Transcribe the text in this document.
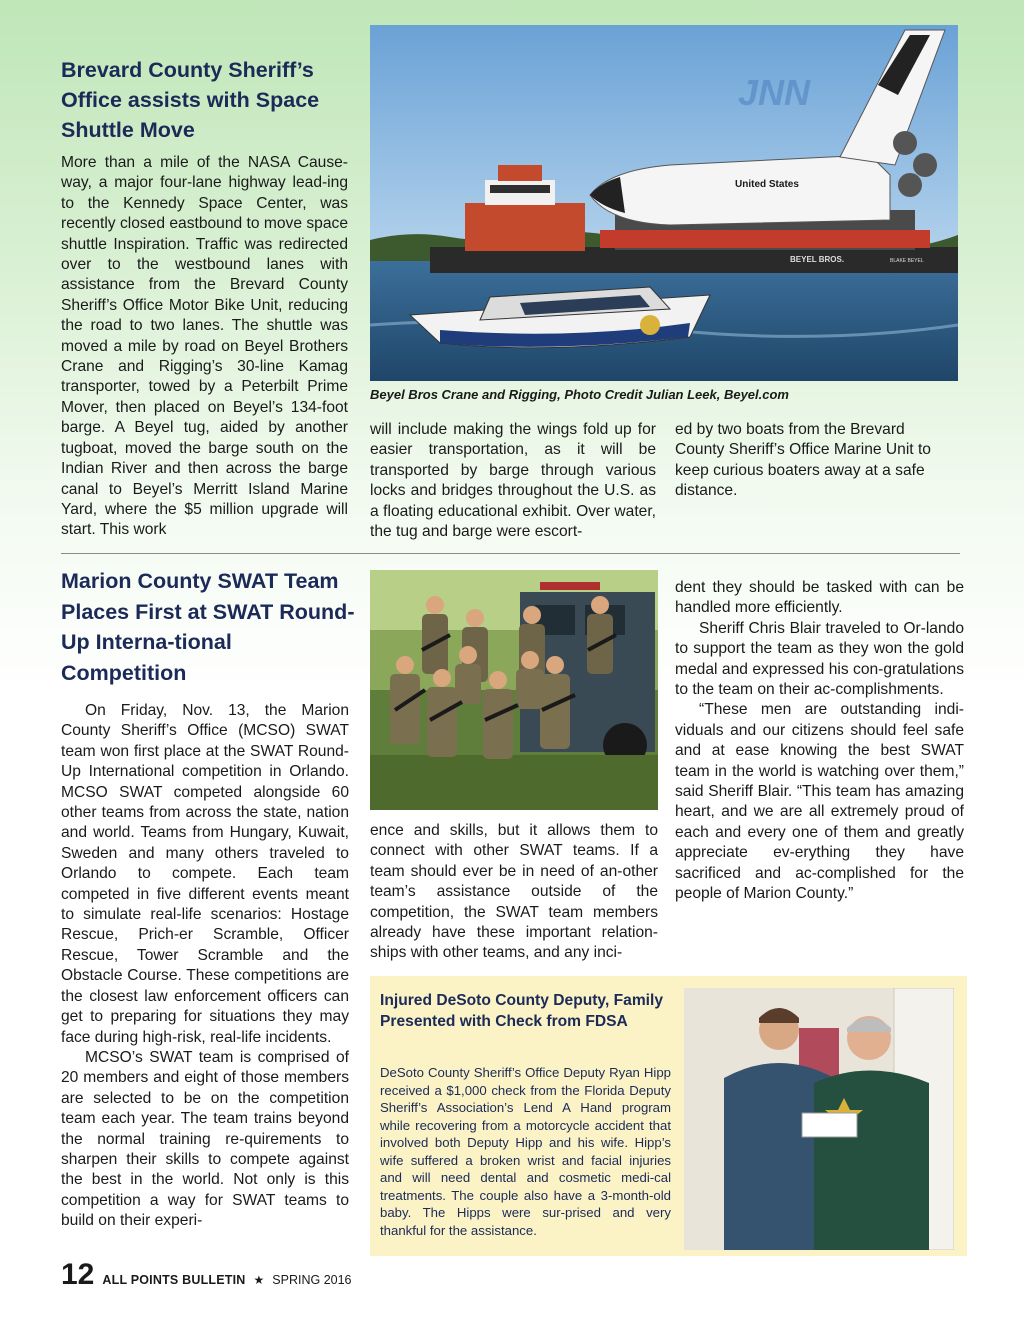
Brevard County Sheriff’s Office assists with Space Shuttle Move
More than a mile of the NASA Cause-way, a major four-lane highway lead-ing to the Kennedy Space Center, was recently closed eastbound to move space shuttle Inspiration. Traffic was redirected over to the westbound lanes with assistance from the Brevard County Sheriff’s Office Motor Bike Unit, reducing the road to two lanes. The shuttle was moved a mile by road on Beyel Brothers Crane and Rigging’s 30-line Kamag transporter, towed by a Peterbilt Prime Mover, then placed on Beyel’s 134-foot barge. A Beyel tug, aided by another tugboat, moved the barge south on the Indian River and then across the barge canal to Beyel’s Merritt Island Marine Yard, where the $5 million upgrade will start. This work
BEYEL BROS.	BLAKE BEYEL
United States
JNN
Beyel Bros Crane and Rigging, Photo Credit Julian Leek, Beyel.com
will include making the wings fold up for easier transportation, as it will be transported by barge through various locks and bridges throughout the U.S. as a floating educational exhibit. Over water, the tug and barge were escort-
ed by two boats from the Brevard County Sheriff’s Office Marine Unit to keep curious boaters away at a safe distance.
Marion County SWAT Team Places First at SWAT Round-Up Interna-tional Competition

On Friday, Nov. 13, the Marion County Sheriff’s Office (MCSO) SWAT team won first place at the SWAT Round-Up International competition in Orlando. MCSO SWAT competed alongside 60 other teams from across the state, nation and world. Teams from Hungary, Kuwait, Sweden and many others traveled to Orlando to compete. Each team competed in five different events meant to simulate real-life scenarios: Hostage Rescue, Prich-er Scramble, Officer Rescue, Tower Scramble and the Obstacle Course. These competitions are the closest law enforcement officers can get to preparing for situations they may face during high-risk, real-life incidents.

MCSO’s SWAT team is comprised of 20 members and eight of those members are selected to be on the competition team each year. The team trains beyond the normal training re-quirements to sharpen their skills to compete against the best in the world. Not only is this competition a way for SWAT teams to build on their experi-

ence and skills, but it allows them to connect with other SWAT teams. If a team should ever be in need of an-other team’s assistance outside of the competition, the SWAT team members already have these important relation-ships with other teams, and any inci-

dent they should be tasked with can be handled more efficiently.

Sheriff Chris Blair traveled to Or-lando to support the team as they won the gold medal and expressed his con-gratulations to the team on their ac-complishments.

“These men are outstanding indi-viduals and our citizens should feel safe and at ease knowing the best SWAT team in the world is watching over them,” said Sheriff Blair. “This team has amazing heart, and we are all extremely proud of each and every one of them and greatly appreciate ev-erything they have sacrificed and ac-complished for the people of Marion County.”

Injured DeSoto County Deputy, Family Presented with Check from FDSA
DeSoto County Sheriff’s Office Deputy Ryan Hipp received a $1,000 check from the Florida Deputy Sheriff’s Association’s Lend A Hand program while recovering from a motorcycle accident that involved both Deputy Hipp and his wife. Hipp’s wife suffered a broken wrist and facial injuries and will need dental and cosmetic medi-cal treatments. The couple also have a 3-month-old baby. The Hipps were sur-prised and very thankful for the assistance.
12 ALL POINTS BULLETIN ★ SPRING 2016
